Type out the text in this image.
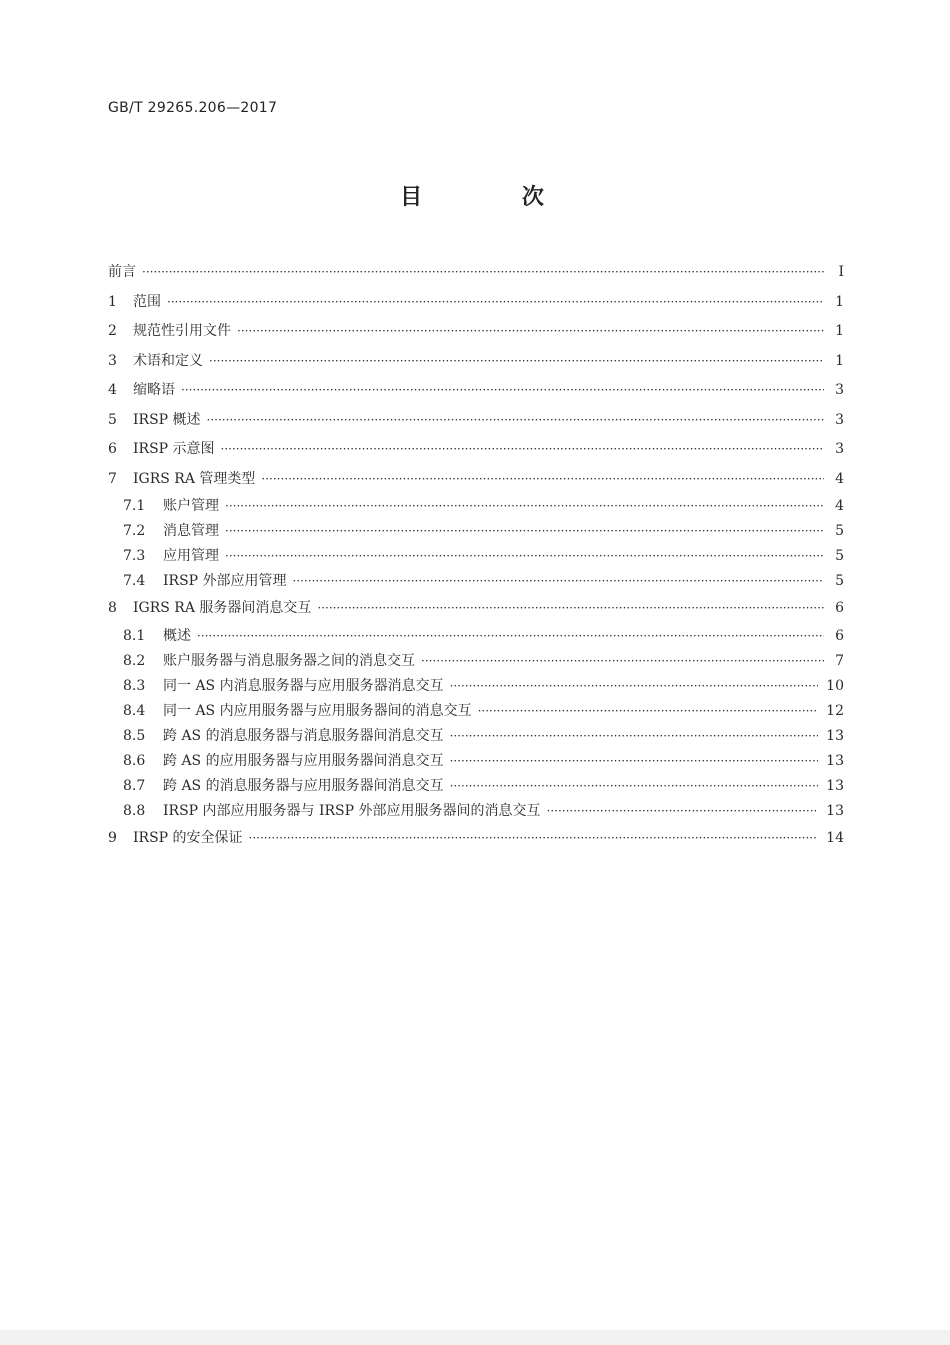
GB/T 29265.206—2017
目 次
前言 ·····	Ⅰ
1	范围 ·····	1
2	规范性引用文件 ·····	1
3	术语和定义 ·····	1
4	缩略语 ·····	3
5	IRSP 概述 ·····	3
6	IRSP 示意图 ·····	3
7	IGRS RA 管理类型 ·····	4
7.1	账户管理 ·····	4
7.2	消息管理 ·····	5
7.3	应用管理 ·····	5
7.4	IRSP 外部应用管理 ·····	5
8	IGRS RA 服务器间消息交互 ·····	6
8.1	概述 ·····	6
8.2	账户服务器与消息服务器之间的消息交互 ·····	7
8.3	同一 AS 内消息服务器与应用服务器消息交互 ·····	10
8.4	同一 AS 内应用服务器与应用服务器间的消息交互 ·····	12
8.5	跨 AS 的消息服务器与消息服务器间消息交互 ·····	13
8.6	跨 AS 的应用服务器与应用服务器间消息交互 ·····	13
8.7	跨 AS 的消息服务器与应用服务器间消息交互 ·····	13
8.8	IRSP 内部应用服务器与 IRSP 外部应用服务器间的消息交互 ·····	13
9	IRSP 的安全保证 ·····	14
